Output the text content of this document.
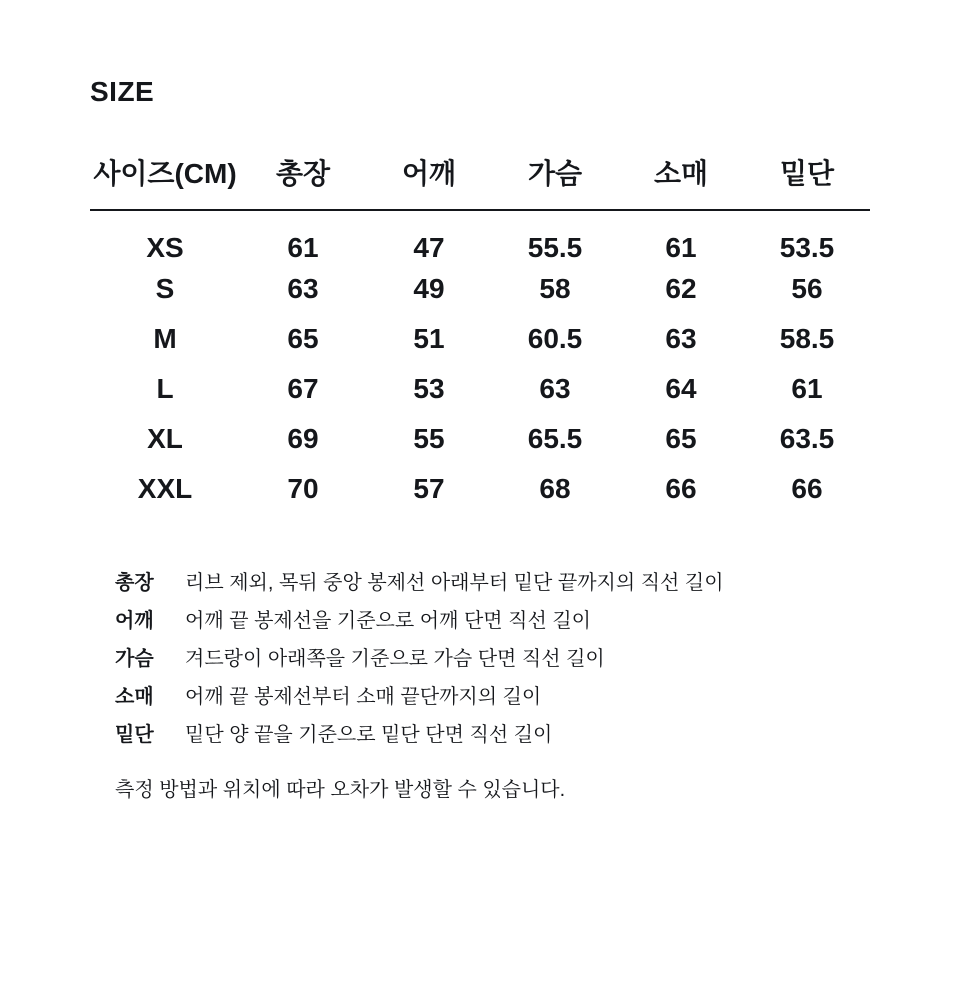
SIZE
사이즈(CM)	총장	어깨	가슴	소매	밑단
XS	61	47	55.5	61	53.5
S	63	49	58	62	56
M	65	51	60.5	63	58.5
L	67	53	63	64	61
XL	69	55	65.5	65	63.5
XXL	70	57	68	66	66
총장	리브 제외, 목뒤 중앙 봉제선 아래부터 밑단 끝까지의 직선 길이
어깨	어깨 끝 봉제선을 기준으로 어깨 단면 직선 길이
가슴	겨드랑이 아래쪽을 기준으로 가슴 단면 직선 길이
소매	어깨 끝 봉제선부터 소매 끝단까지의 길이
밑단	밑단 양 끝을 기준으로 밑단 단면 직선 길이

측정 방법과 위치에 따라 오차가 발생할 수 있습니다.
